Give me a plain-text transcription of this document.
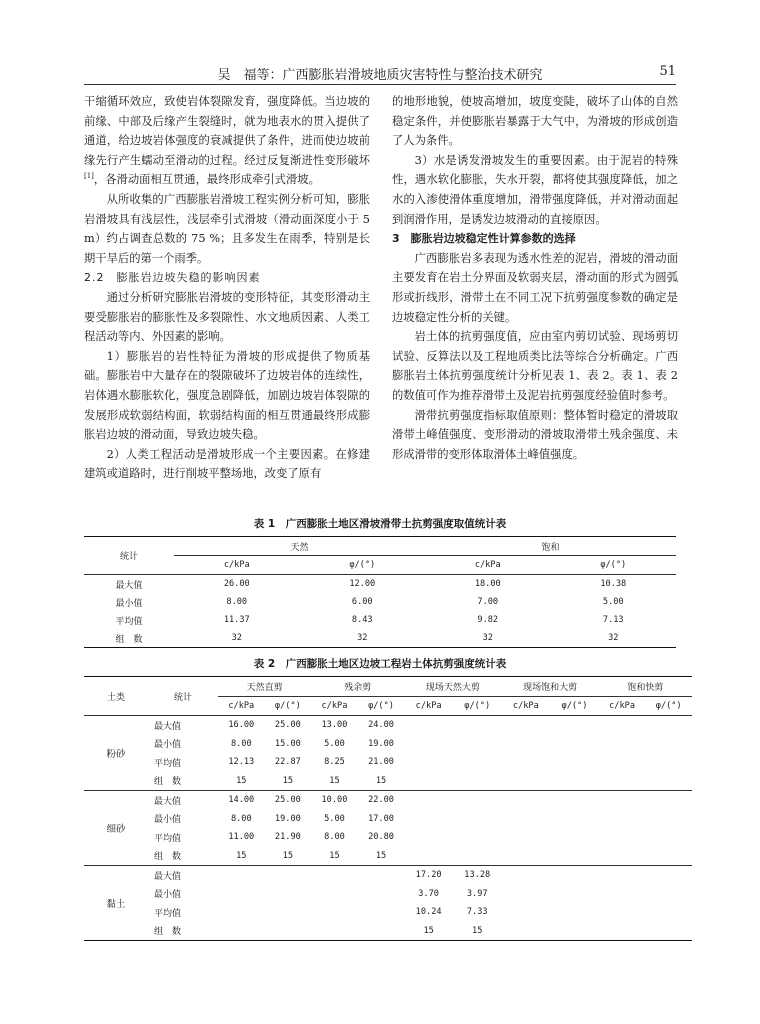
吴　福等：广西膨胀岩滑坡地质灾害特性与整治技术研究	51

干缩循环效应，致使岩体裂隙发育，强度降低。当边坡的前缘、中部及后缘产生裂缝时，就为地表水的贯入提供了通道，给边坡岩体强度的衰减提供了条件，进而使边坡前缘先行产生蠕动至滑动的过程。经过反复渐进性变形破坏[1]，各滑动面相互贯通，最终形成牵引式滑坡。

从所收集的广西膨胀岩滑坡工程实例分析可知，膨胀岩滑坡具有浅层性，浅层牵引式滑坡（滑动面深度小于 5 m）约占调查总数的 75 %；且多发生在雨季，特别是长期干旱后的第一个雨季。

2.2　膨胀岩边坡失稳的影响因素

通过分析研究膨胀岩滑坡的变形特征，其变形滑动主要受膨胀岩的膨胀性及多裂隙性、水文地质因素、人类工程活动等内、外因素的影响。

1）膨胀岩的岩性特征为滑坡的形成提供了物质基础。膨胀岩中大量存在的裂隙破坏了边坡岩体的连续性，岩体遇水膨胀软化，强度急剧降低，加剧边坡岩体裂隙的发展形成软弱结构面，软弱结构面的相互贯通最终形成膨胀岩边坡的滑动面，导致边坡失稳。

2）人类工程活动是滑坡形成一个主要因素。在修建建筑或道路时，进行削坡平整场地，改变了原有

的地形地貌，使坡高增加，坡度变陡，破坏了山体的自然稳定条件，并使膨胀岩暴露于大气中，为滑坡的形成创造了人为条件。

3）水是诱发滑坡发生的重要因素。由于泥岩的特殊性，遇水软化膨胀，失水开裂，都将使其强度降低，加之水的入渗使滑体重度增加，滑带强度降低，并对滑动面起到润滑作用，是诱发边坡滑动的直接原因。

3　膨胀岩边坡稳定性计算参数的选择

广西膨胀岩多表现为透水性差的泥岩，滑坡的滑动面主要发育在岩土分界面及软弱夹层，滑动面的形式为圆弧形或折线形，滑带土在不同工况下抗剪强度参数的确定是边坡稳定性分析的关键。

岩土体的抗剪强度值，应由室内剪切试验、现场剪切试验、反算法以及工程地质类比法等综合分析确定。广西膨胀岩土体抗剪强度统计分析见表 1、表 2。表 1、表 2 的数值可作为推荐滑带土及泥岩抗剪强度经验值时参考。

滑带抗剪强度指标取值原则：整体暂时稳定的滑坡取滑带土峰值强度、变形滑动的滑坡取滑带土残余强度、未形成滑带的变形体取滑体土峰值强度。

表 1　广西膨胀土地区滑坡滑带土抗剪强度取值统计表
统计	天然		饱和	
	c/kPa	φ/(°)	c/kPa	φ/(°)
最大值	26.00	12.00	18.00	10.38
最小值	8.00	6.00	7.00	5.00
平均值	11.37	8.43	9.82	7.13
组　数	32	32	32	32
表 2　广西膨胀土地区边坡工程岩土体抗剪强度统计表
土类	统计	天然直剪		残余剪		现场天然大剪		现场饱和大剪		饱和快剪	
		c/kPa	φ/(°)	c/kPa	φ/(°)	c/kPa	φ/(°)	c/kPa	φ/(°)	c/kPa	φ/(°)
粉砂	最大值	16.00	25.00	13.00	24.00						
	最小值	8.00	15.00	5.00	19.00						
	平均值	12.13	22.87	8.25	21.00						
	组　数	15	15	15	15						
细砂	最大值	14.00	25.00	10.00	22.00						
	最小值	8.00	19.00	5.00	17.00						
	平均值	11.00	21.90	8.00	20.80						
	组　数	15	15	15	15						
黏土	最大值					17.20	13.28				
	最小值					3.70	3.97				
	平均值					10.24	7.33				
	组　数					15	15				
